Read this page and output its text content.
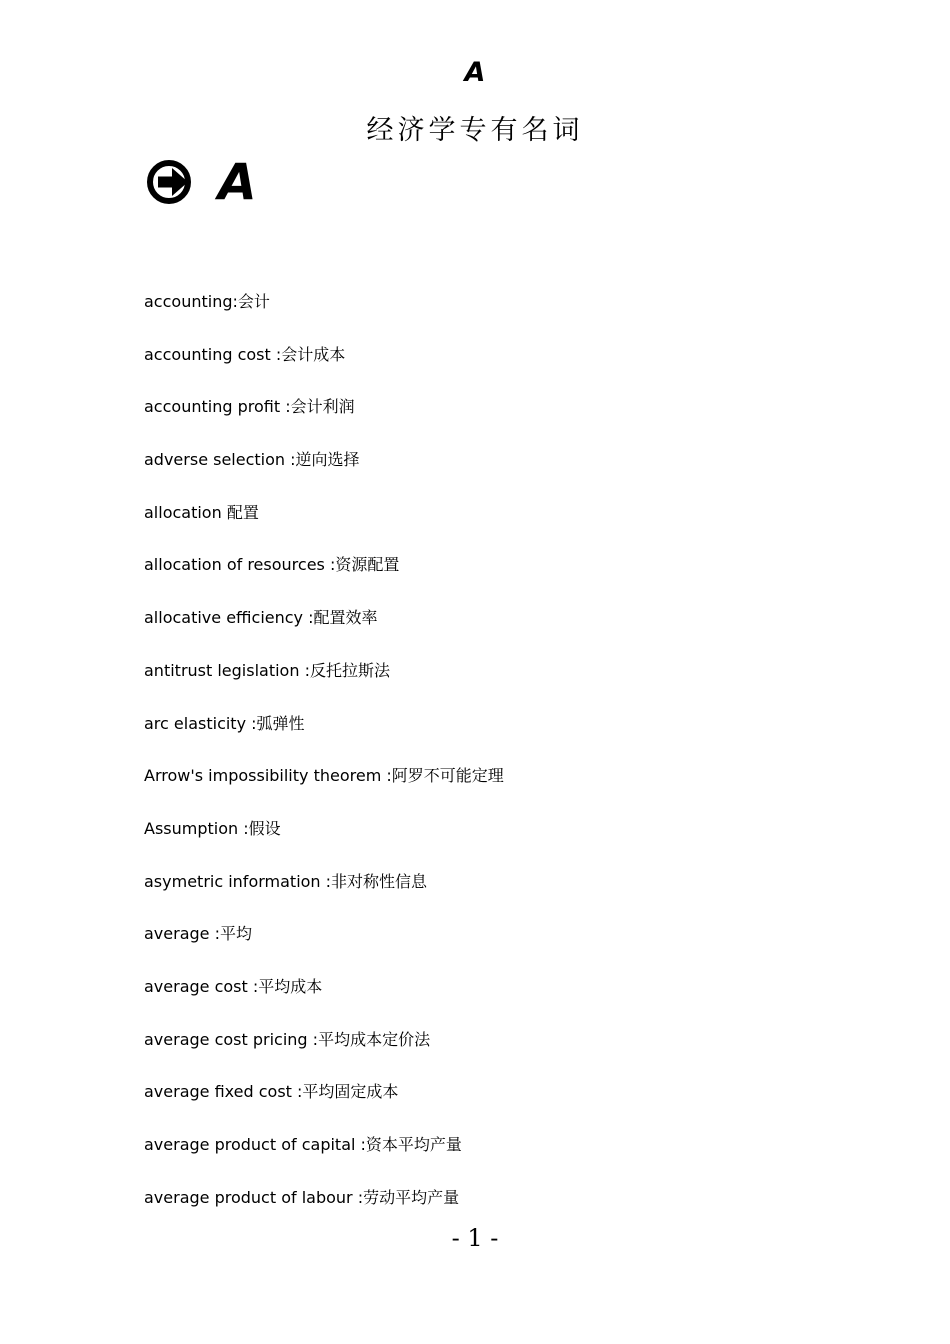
A
经济学专有名词
A
accounting:会计
accounting cost :会计成本
accounting profit :会计利润
adverse selection :逆向选择
allocation 配置
allocation of resources :资源配置
allocative efficiency :配置效率
antitrust legislation :反托拉斯法
arc elasticity :弧弹性
Arrow's impossibility theorem :阿罗不可能定理
Assumption :假设
asymetric information :非对称性信息
average :平均
average cost :平均成本
average cost pricing :平均成本定价法
average fixed cost :平均固定成本
average product of capital :资本平均产量
average product of labour :劳动平均产量
- 1 -
